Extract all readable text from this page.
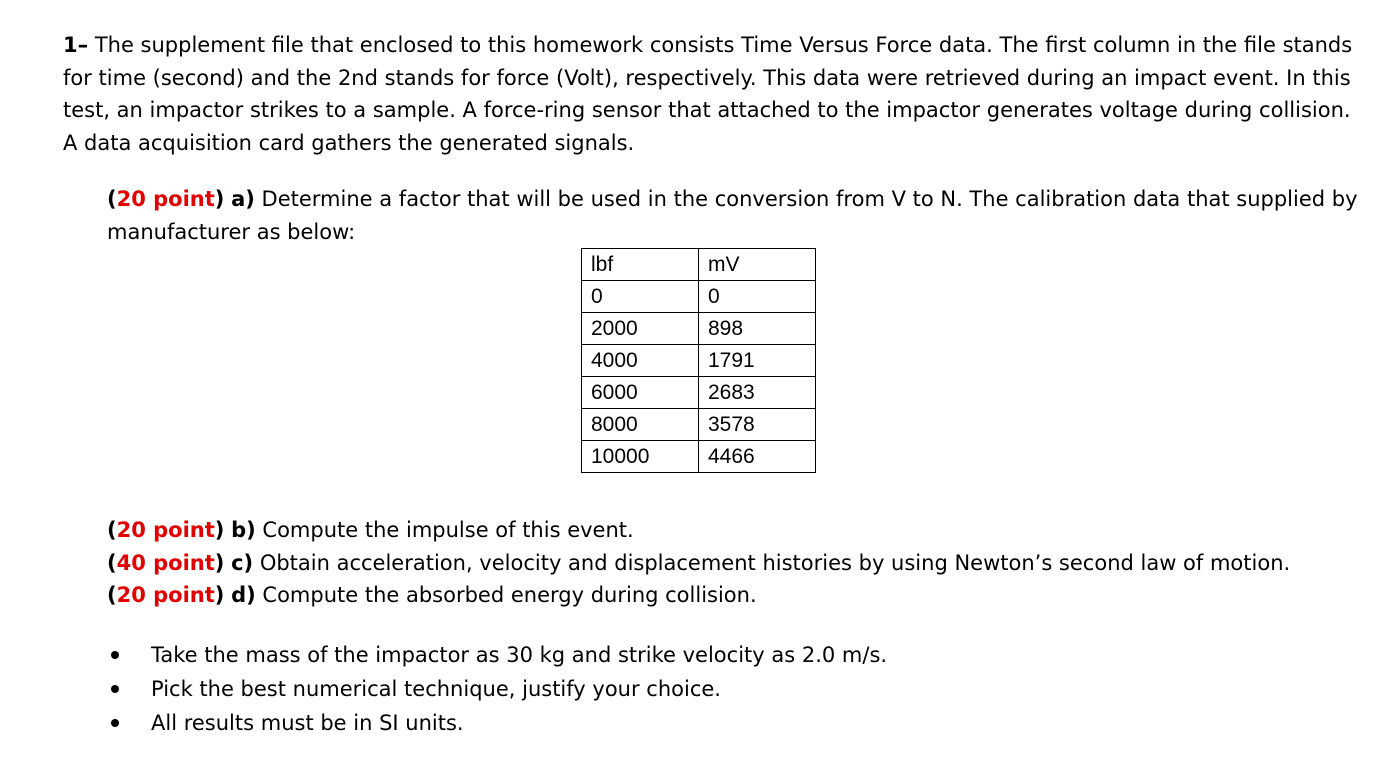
1– The supplement file that enclosed to this homework consists Time Versus Force data. The first column in the file stands for time (second) and the 2nd stands for force (Volt), respectively. This data were retrieved during an impact event. In this test, an impactor strikes to a sample. A force-ring sensor that attached to the impactor generates voltage during collision. A data acquisition card gathers the generated signals.

(20 point) a) Determine a factor that will be used in the conversion from V to N. The calibration data that supplied by manufacturer as below:

lbf	mV
0	0
2000	898
4000	1791
6000	2683
8000	3578
10000	4466

(20 point) b) Compute the impulse of this event.

(40 point) c) Obtain acceleration, velocity and displacement histories by using Newton’s second law of motion.

(20 point) d) Compute the absorbed energy during collision.

Take the mass of the impactor as 30 kg and strike velocity as 2.0 m/s.
Pick the best numerical technique, justify your choice.
All results must be in SI units.
